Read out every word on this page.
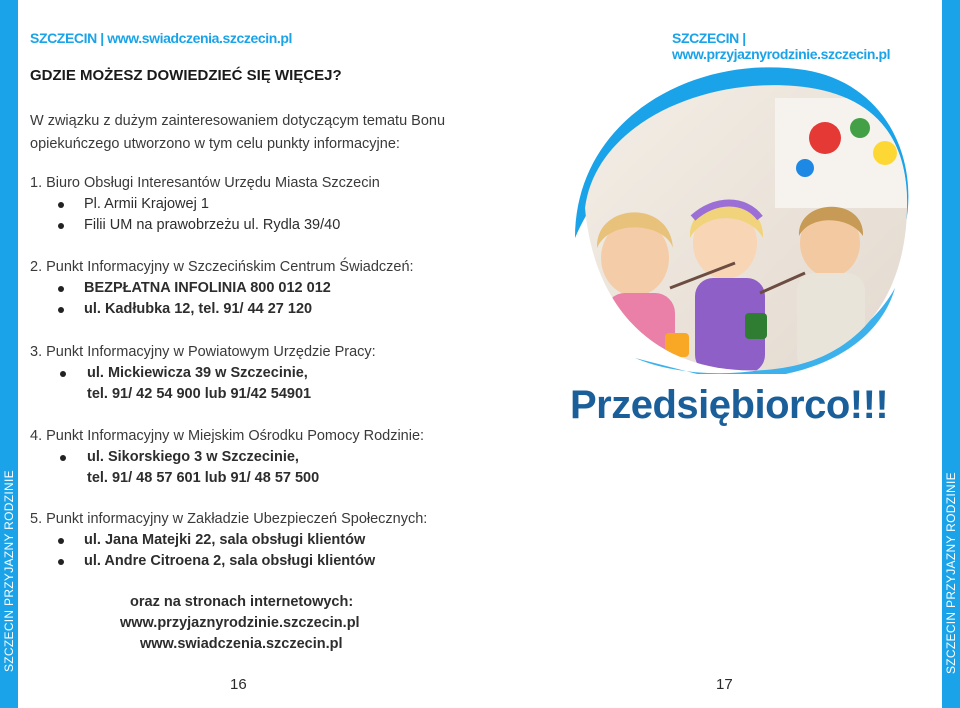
SZCZECIN PRZYJAZNY RODZINIE	SZCZECIN PRZYJAZNY RODZINIE
SZCZECIN | www.swiadczenia.szczecin.pl	SZCZECIN | www.przyjaznyrodzinie.szczecin.pl
GDZIE MOŻESZ DOWIEDZIEĆ SIĘ WIĘCEJ?
W związku z dużym zainteresowaniem dotyczącym tematu Bonu opiekuńczego utworzono w tym celu punkty informacyjne:
1. Biuro Obsługi Interesantów Urzędu Miasta Szczecin
Pl. Armii Krajowej 1
Filii UM na prawobrzeżu ul. Rydla 39/40
2. Punkt Informacyjny w Szczecińskim Centrum Świadczeń:
BEZPŁATNA INFOLINIA 800 012 012
ul. Kadłubka 12, tel. 91/ 44 27 120
3. Punkt Informacyjny w Powiatowym Urzędzie Pracy:
ul. Mickiewicza 39 w Szczecinie,
tel. 91/ 42 54 900 lub 91/42 54901
4. Punkt Informacyjny w Miejskim Ośrodku Pomocy Rodzinie:
ul. Sikorskiego 3 w Szczecinie,
tel. 91/ 48 57 601 lub 91/ 48 57 500
5. Punkt informacyjny w Zakładzie Ubezpieczeń Społecznych:
ul. Jana Matejki 22, sala obsługi klientów
ul. Andre Citroena 2, sala obsługi klientów
oraz na stronach internetowych:
www.przyjaznyrodzinie.szczecin.pl
www.swiadczenia.szczecin.pl
16	17
Przedsiębiorco!!!
